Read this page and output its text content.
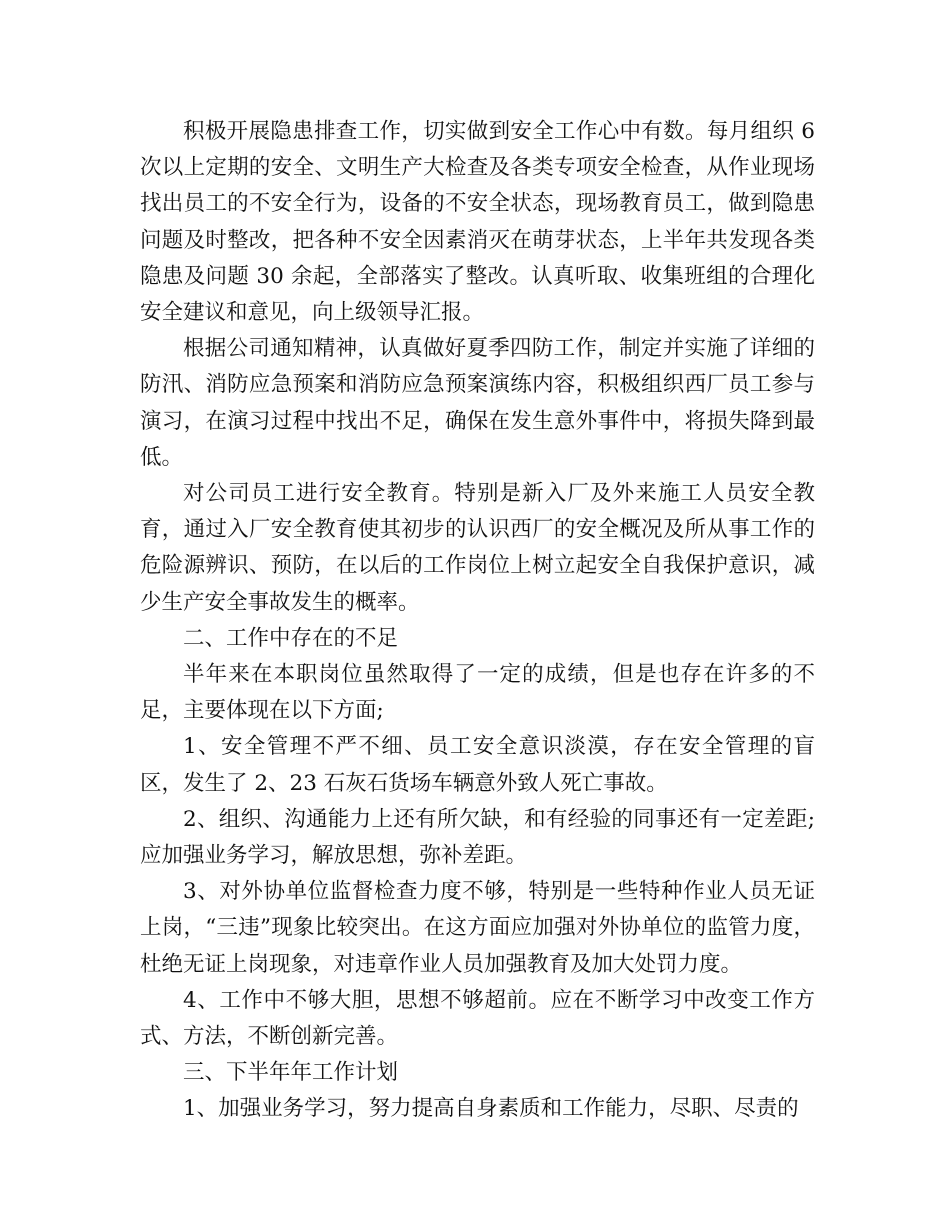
积极开展隐患排查工作，切实做到安全工作心中有数。每月组织 6 次以上定期的安全、文明生产大检查及各类专项安全检查，从作业现场找出员工的不安全行为，设备的不安全状态，现场教育员工，做到隐患问题及时整改，把各种不安全因素消灭在萌芽状态，上半年共发现各类隐患及问题 30 余起，全部落实了整改。认真听取、收集班组的合理化安全建议和意见，向上级领导汇报。

根据公司通知精神，认真做好夏季四防工作，制定并实施了详细的防汛、消防应急预案和消防应急预案演练内容，积极组织西厂员工参与演习，在演习过程中找出不足，确保在发生意外事件中，将损失降到最低。

对公司员工进行安全教育。特别是新入厂及外来施工人员安全教育，通过入厂安全教育使其初步的认识西厂的安全概况及所从事工作的危险源辨识、预防，在以后的工作岗位上树立起安全自我保护意识，减少生产安全事故发生的概率。

二、工作中存在的不足

半年来在本职岗位虽然取得了一定的成绩，但是也存在许多的不足，主要体现在以下方面;

1、安全管理不严不细、员工安全意识淡漠，存在安全管理的盲区，发生了 2、23 石灰石货场车辆意外致人死亡事故。

2、组织、沟通能力上还有所欠缺，和有经验的同事还有一定差距;应加强业务学习，解放思想，弥补差距。

3、对外协单位监督检查力度不够，特别是一些特种作业人员无证上岗，“三违”现象比较突出。在这方面应加强对外协单位的监管力度，杜绝无证上岗现象，对违章作业人员加强教育及加大处罚力度。

4、工作中不够大胆，思想不够超前。应在不断学习中改变工作方式、方法，不断创新完善。

三、下半年年工作计划

1、加强业务学习，努力提高自身素质和工作能力，尽职、尽责的
